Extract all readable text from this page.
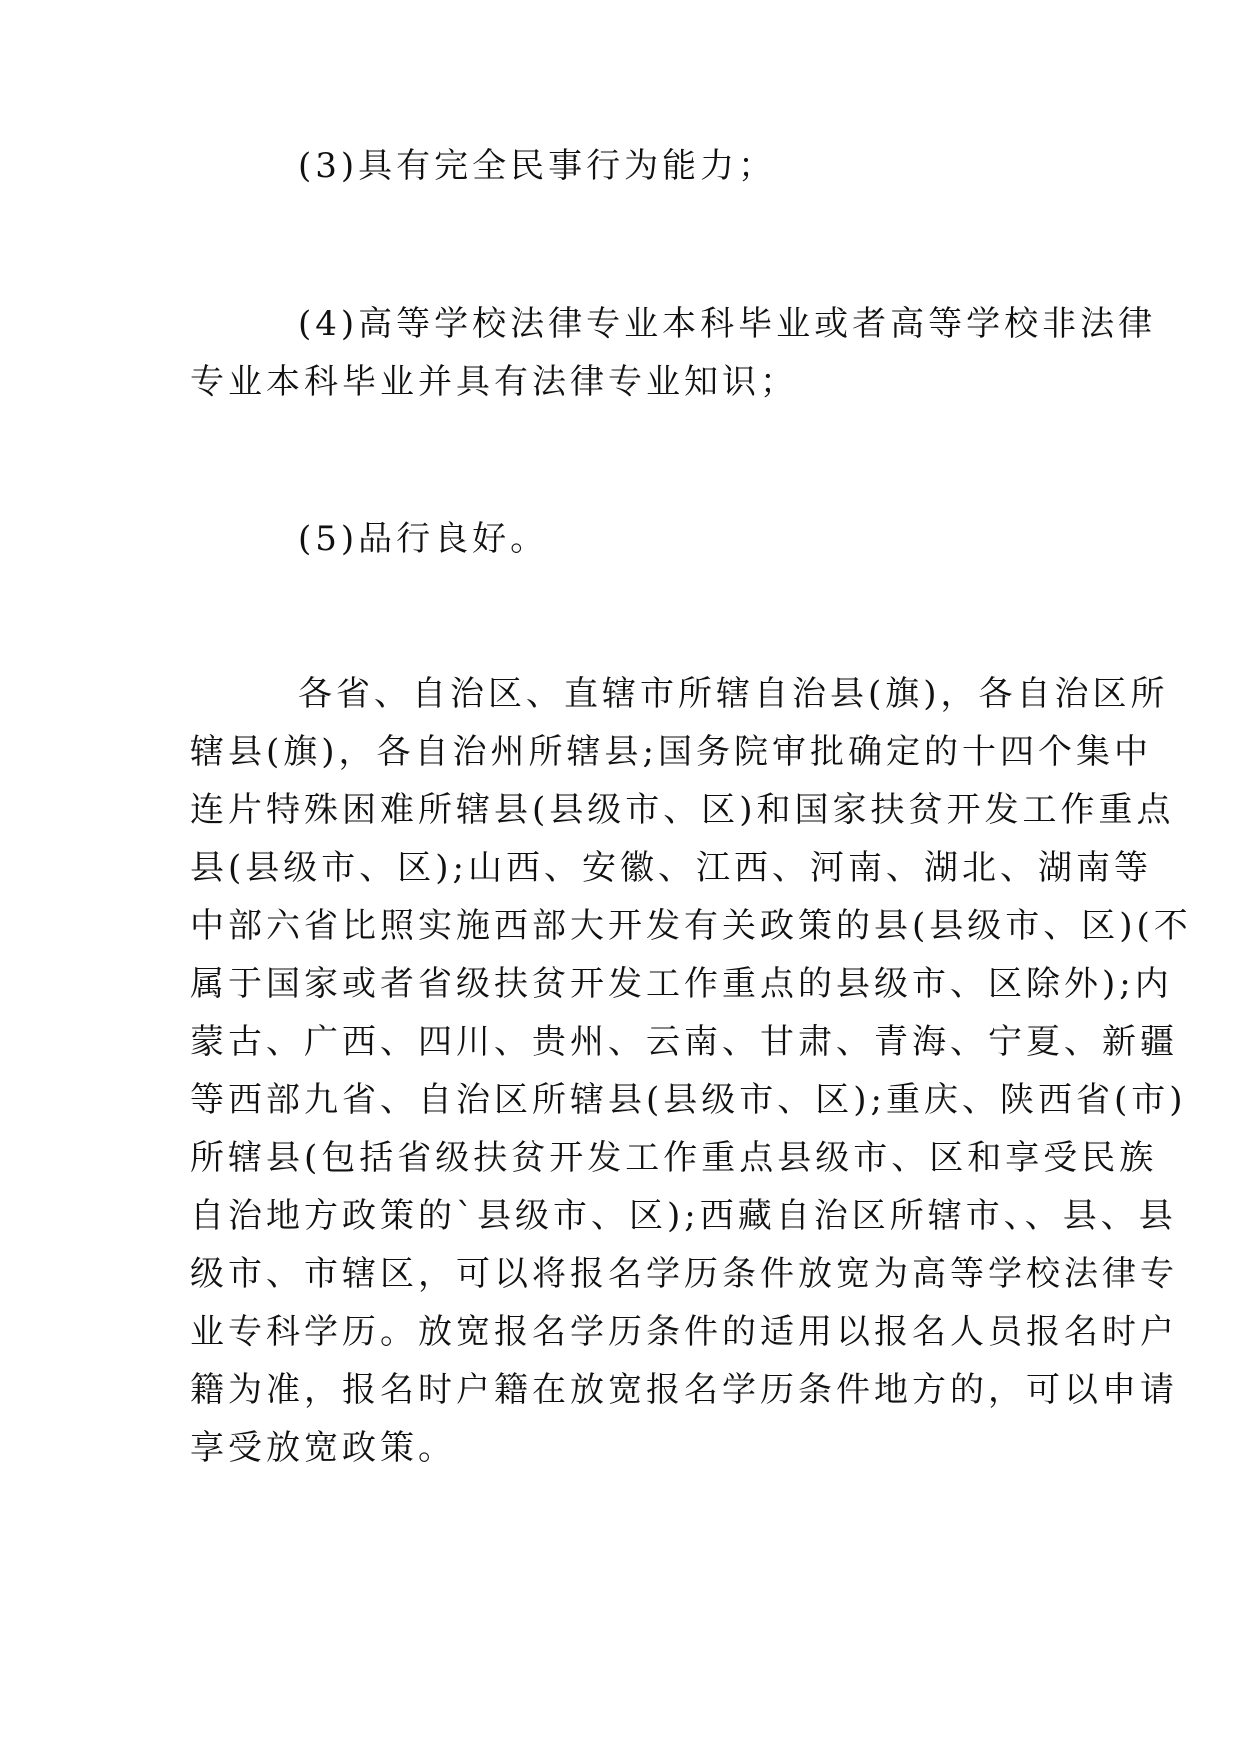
(3)具有完全民事行为能力；

(4)高等学校法律专业本科毕业或者高等学校非法律

专业本科毕业并具有法律专业知识；

(5)品行良好。

各省、自治区、直辖市所辖自治县(旗)，各自治区所

辖县(旗)，各自治州所辖县;国务院审批确定的十四个集中

连片特殊困难所辖县(县级市、区)和国家扶贫开发工作重点

县(县级市、区);山西、安徽、江西、河南、湖北、湖南等

中部六省比照实施西部大开发有关政策的县(县级市、区)(不

属于国家或者省级扶贫开发工作重点的县级市、区除外);内

蒙古、广西、四川、贵州、云南、甘肃、青海、宁夏、新疆

等西部九省、自治区所辖县(县级市、区);重庆、陕西省(市)

所辖县(包括省级扶贫开发工作重点县级市、区和享受民族

自治地方政策的`县级市、区);西藏自治区所辖市、、县、县

级市、市辖区，可以将报名学历条件放宽为高等学校法律专

业专科学历。放宽报名学历条件的适用以报名人员报名时户

籍为准，报名时户籍在放宽报名学历条件地方的，可以申请

享受放宽政策。
